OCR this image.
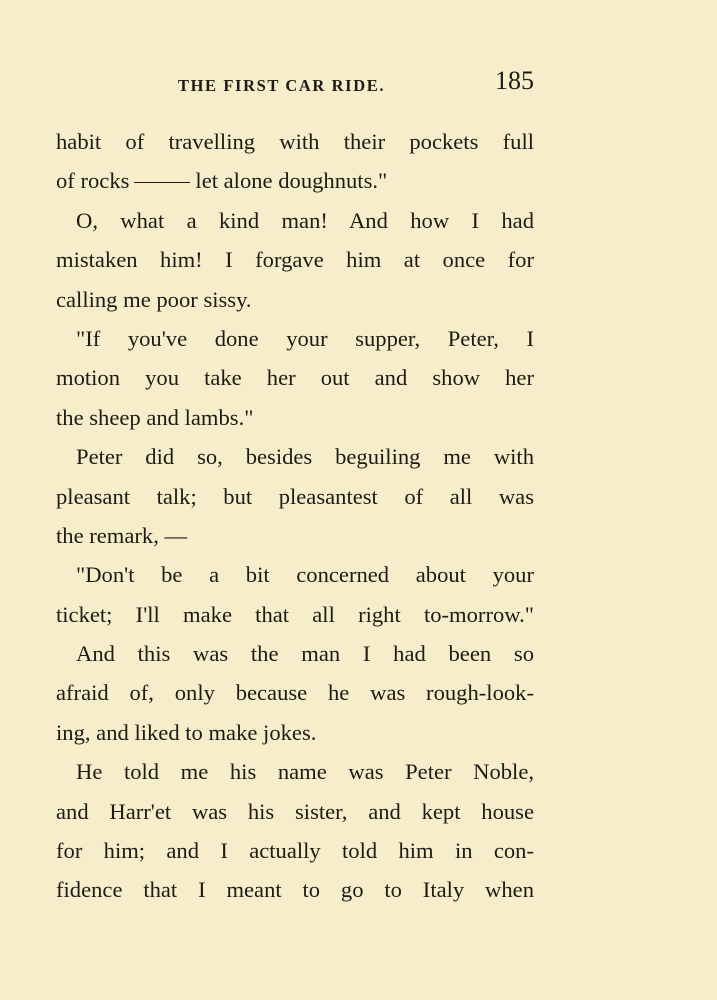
THE FIRST CAR RIDE.	185
habit of travelling with their pockets full
of rocks	let alone doughnuts."
O, what a kind man! And how I had
mistaken him! I forgave him at once for
calling me poor sissy.
"If you've done your supper, Peter, I
motion you take her out and show her
the sheep and lambs."
Peter did so, besides beguiling me with
pleasant talk; but pleasantest of all was
the remark, —
"Don't be a bit concerned about your
ticket; I'll make that all right to-morrow."
And this was the man I had been so
afraid of, only because he was rough-look-
ing, and liked to make jokes.
He told me his name was Peter Noble,
and Harr'et was his sister, and kept house
for him; and I actually told him in con-
fidence that I meant to go to Italy when
